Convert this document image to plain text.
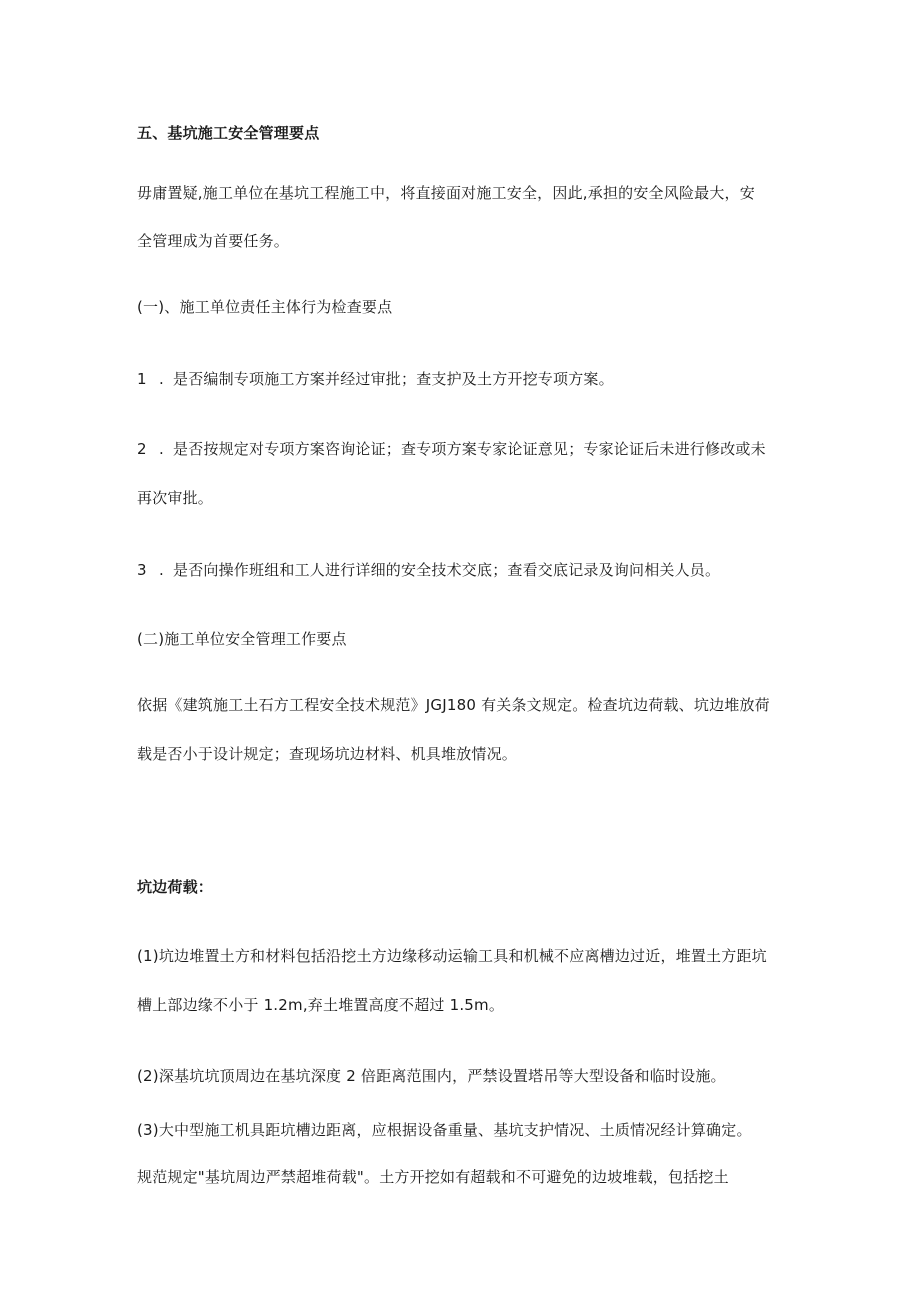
五、基坑施工安全管理要点
毋庸置疑,施工单位在基坑工程施工中，将直接面对施工安全，因此,承担的安全风险最大，安
全管理成为首要任务。
(一)、施工单位责任主体行为检查要点
1 . 是否编制专项施工方案并经过审批；查支护及土方开挖专项方案。
2 . 是否按规定对专项方案咨询论证；查专项方案专家论证意见；专家论证后未进行修改或未
再次审批。
3 . 是否向操作班组和工人进行详细的安全技术交底；查看交底记录及询问相关人员。
(二)施工单位安全管理工作要点
依据《建筑施工土石方工程安全技术规范》JGJ180 有关条文规定。检查坑边荷载、坑边堆放荷
载是否小于设计规定；查现场坑边材料、机具堆放情况。
坑边荷载：
(1)坑边堆置土方和材料包括沿挖土方边缘移动运输工具和机械不应离槽边过近，堆置土方距坑
槽上部边缘不小于 1.2m,弃土堆置高度不超过 1.5m。
(2)深基坑坑顶周边在基坑深度 2 倍距离范围内，严禁设置塔吊等大型设备和临时设施。
(3)大中型施工机具距坑槽边距离，应根据设备重量、基坑支护情况、土质情况经计算确定。
规范规定"基坑周边严禁超堆荷载"。土方开挖如有超载和不可避免的边坡堆载，包括挖土
